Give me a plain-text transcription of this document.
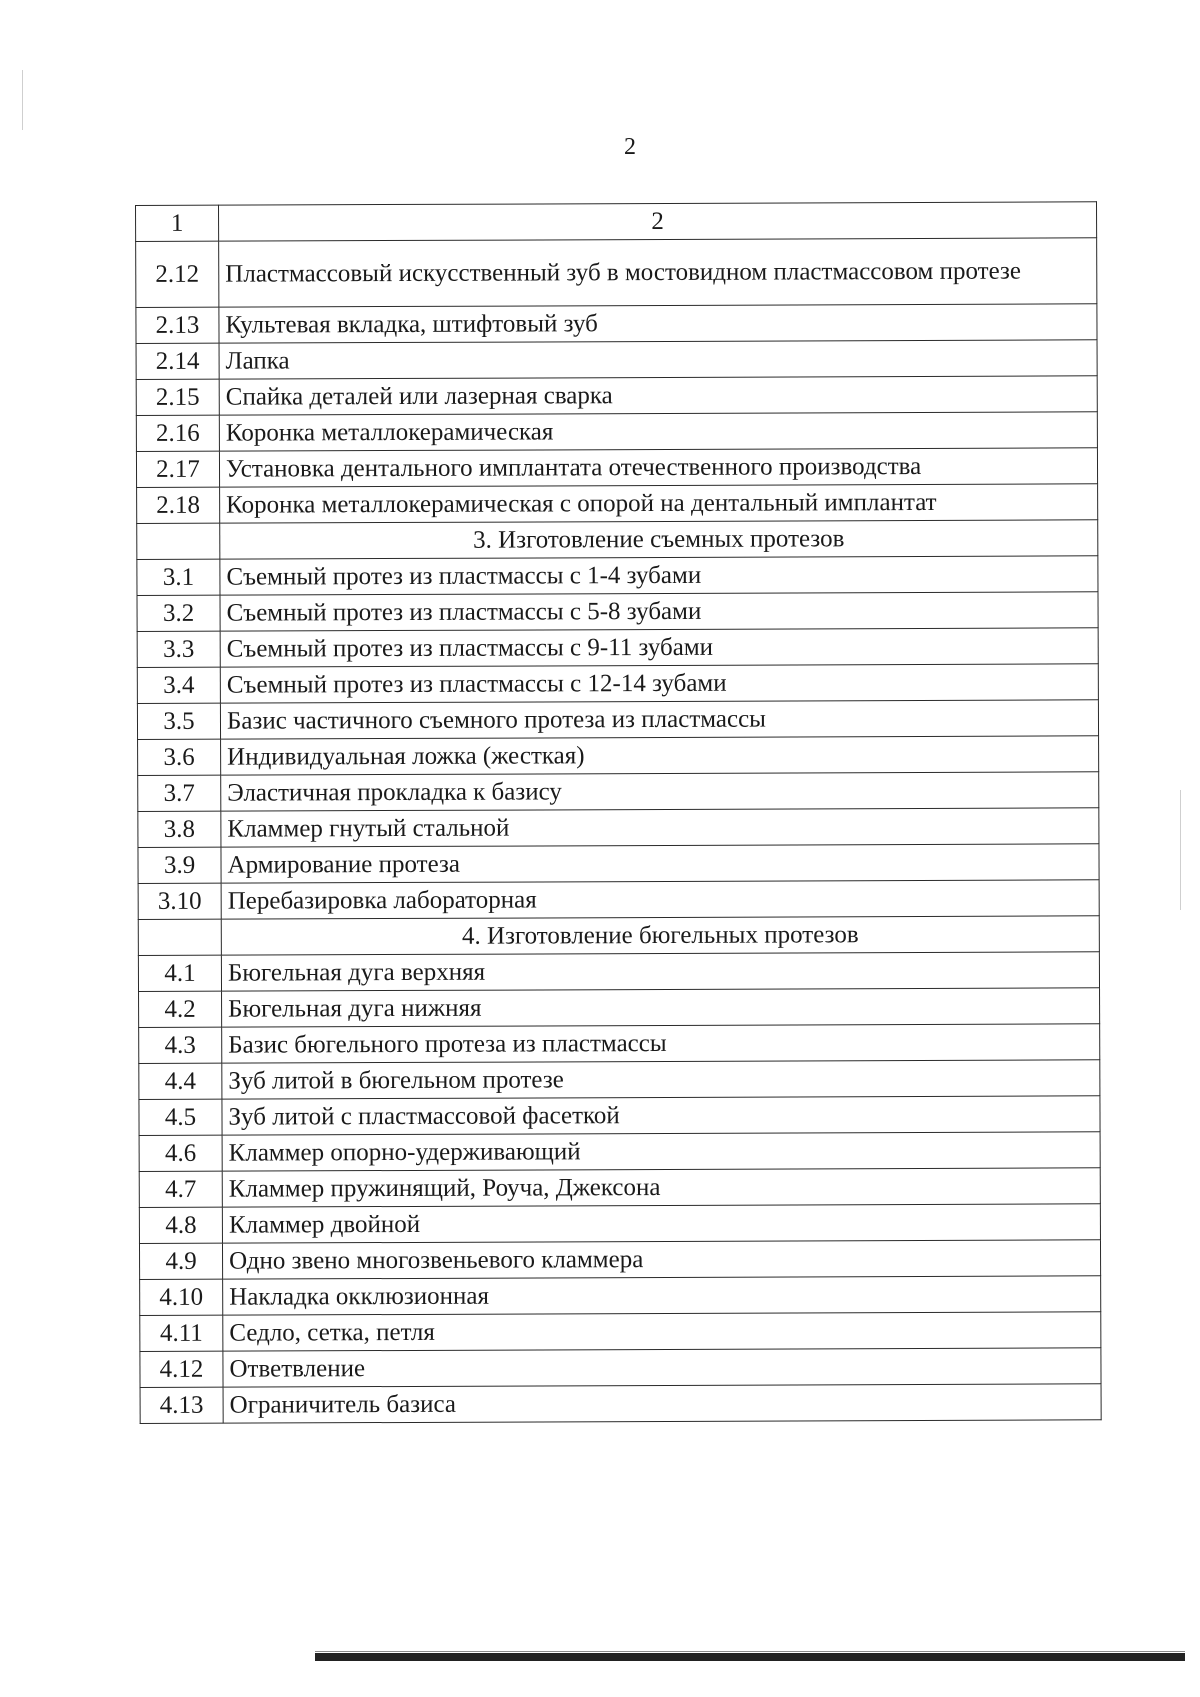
2
1	2
2.12	Пластмассовый искусственный зуб в мостовидном пластмассовом протезе
2.13	Культевая вкладка, штифтовый зуб
2.14	Лапка
2.15	Спайка деталей или лазерная сварка
2.16	Коронка металлокерамическая
2.17	Установка дентального имплантата отечественного производства
2.18	Коронка металлокерамическая с опорой на дентальный имплантат
	3. Изготовление съемных протезов
3.1	Съемный протез из пластмассы с 1-4 зубами
3.2	Съемный протез из пластмассы с 5-8 зубами
3.3	Съемный протез из пластмассы с 9-11 зубами
3.4	Съемный протез из пластмассы с 12-14 зубами
3.5	Базис частичного съемного протеза из пластмассы
3.6	Индивидуальная ложка (жесткая)
3.7	Эластичная прокладка к базису
3.8	Кламмер гнутый стальной
3.9	Армирование протеза
3.10	Перебазировка лабораторная
	4. Изготовление бюгельных протезов
4.1	Бюгельная дуга верхняя
4.2	Бюгельная дуга нижняя
4.3	Базис бюгельного протеза из пластмассы
4.4	Зуб литой в бюгельном протезе
4.5	Зуб литой с пластмассовой фасеткой
4.6	Кламмер опорно-удерживающий
4.7	Кламмер пружинящий, Роуча, Джексона
4.8	Кламмер двойной
4.9	Одно звено многозвеньевого кламмера
4.10	Накладка окклюзионная
4.11	Седло, сетка, петля
4.12	Ответвление
4.13	Ограничитель базиса
